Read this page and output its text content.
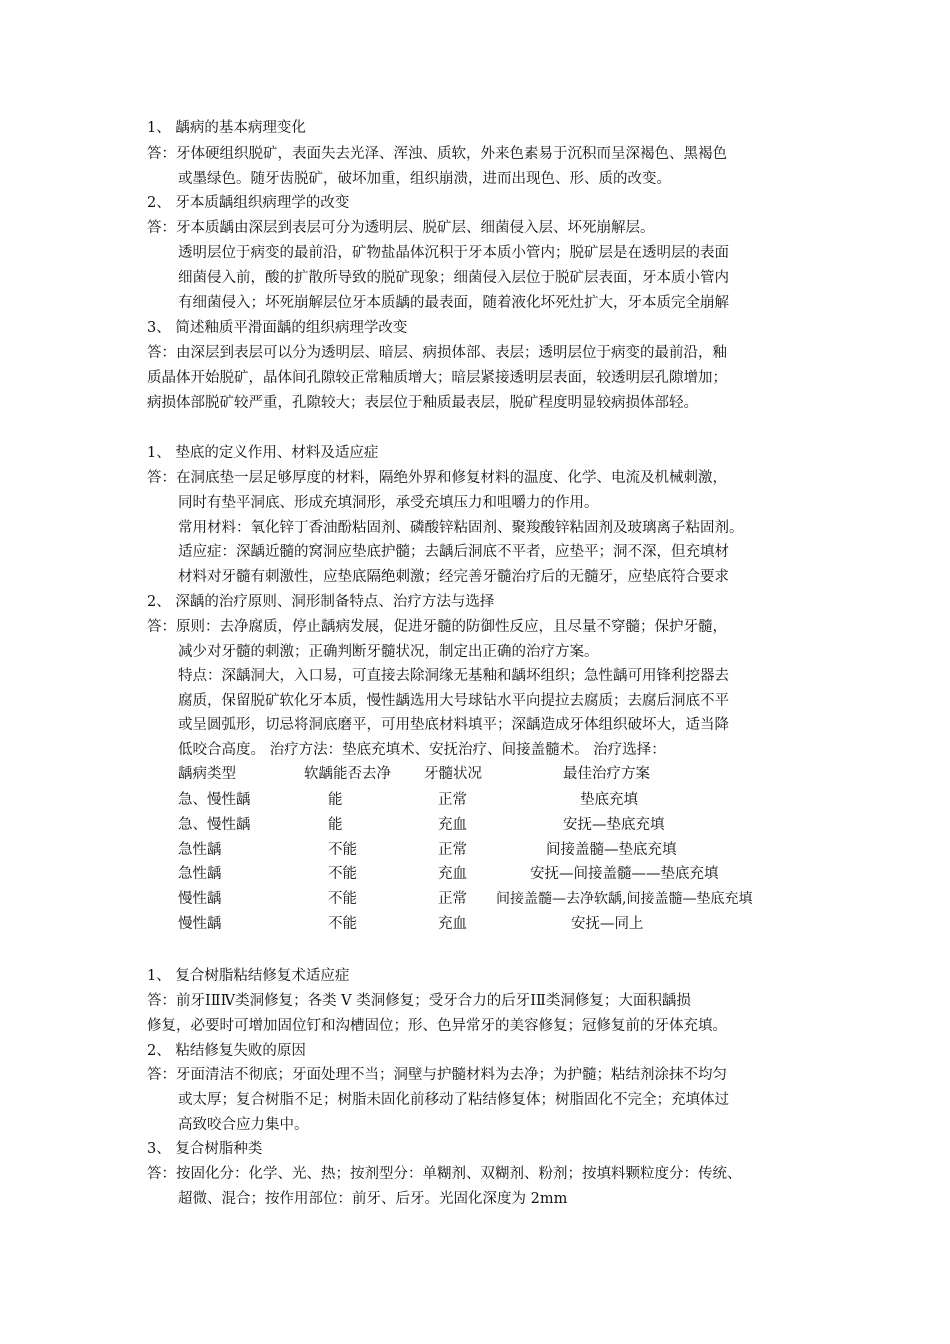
1、 龋病的基本病理变化
答：牙体硬组织脱矿，表面失去光泽、浑浊、质软，外来色素易于沉积而呈深褐色、黑褐色
或墨绿色。随牙齿脱矿，破坏加重，组织崩溃，进而出现色、形、质的改变。
2、 牙本质龋组织病理学的改变
答：牙本质龋由深层到表层可分为透明层、脱矿层、细菌侵入层、坏死崩解层。
透明层位于病变的最前沿，矿物盐晶体沉积于牙本质小管内；脱矿层是在透明层的表面
细菌侵入前，酸的扩散所导致的脱矿现象；细菌侵入层位于脱矿层表面，牙本质小管内
有细菌侵入；坏死崩解层位牙本质龋的最表面，随着液化坏死灶扩大，牙本质完全崩解
3、 简述釉质平滑面龋的组织病理学改变
答：由深层到表层可以分为透明层、暗层、病损体部、表层；透明层位于病变的最前沿，釉
质晶体开始脱矿，晶体间孔隙较正常釉质增大；暗层紧接透明层表面，较透明层孔隙增加；
病损体部脱矿较严重，孔隙较大；表层位于釉质最表层，脱矿程度明显较病损体部轻。
1、 垫底的定义作用、材料及适应症
答：在洞底垫一层足够厚度的材料，隔绝外界和修复材料的温度、化学、电流及机械刺激，
同时有垫平洞底、形成充填洞形，承受充填压力和咀嚼力的作用。
常用材料：氧化锌丁香油酚粘固剂、磷酸锌粘固剂、聚羧酸锌粘固剂及玻璃离子粘固剂。
适应症：深龋近髓的窝洞应垫底护髓；去龋后洞底不平者，应垫平；洞不深，但充填材
材料对牙髓有刺激性，应垫底隔绝刺激；经完善牙髓治疗后的无髓牙，应垫底符合要求
2、 深龋的治疗原则、洞形制备特点、治疗方法与选择
答：原则：去净腐质，停止龋病发展，促进牙髓的防御性反应，且尽量不穿髓；保护牙髓，
减少对牙髓的刺激；正确判断牙髓状况，制定出正确的治疗方案。
特点：深龋洞大，入口易，可直接去除洞缘无基釉和龋坏组织；急性龋可用锋利挖器去
腐质，保留脱矿软化牙本质，慢性龋选用大号球钻水平向提拉去腐质；去腐后洞底不平
或呈圆弧形，切忌将洞底磨平，可用垫底材料填平；深龋造成牙体组织破坏大，适当降
低咬合高度。 治疗方法：垫底充填术、安抚治疗、间接盖髓术。 治疗选择：
龋病类型	软龋能否去净 牙髓状况	最佳治疗方案
急、慢性龋	能	正常	垫底充填
急、慢性龋	能	充血	安抚—垫底充填
急性龋	不能	正常	间接盖髓—垫底充填
急性龋	不能	充血	安抚—间接盖髓——垫底充填
慢性龋	不能	正常 间接盖髓—去净软龋,间接盖髓—垫底充填
慢性龋	不能	充血	安抚—同上
1、 复合树脂粘结修复术适应症
答：前牙ⅠⅡⅣ类洞修复；各类 V 类洞修复；受牙合力的后牙ⅠⅡ类洞修复；大面积龋损
修复，必要时可增加固位钉和沟槽固位；形、色异常牙的美容修复；冠修复前的牙体充填。
2、 粘结修复失败的原因
答：牙面清洁不彻底；牙面处理不当；洞壁与护髓材料为去净；为护髓；粘结剂涂抹不均匀
或太厚；复合树脂不足；树脂未固化前移动了粘结修复体；树脂固化不完全；充填体过
高致咬合应力集中。
3、 复合树脂种类
答：按固化分：化学、光、热；按剂型分：单糊剂、双糊剂、粉剂；按填料颗粒度分：传统、
超微、混合；按作用部位：前牙、后牙。光固化深度为 2mm
